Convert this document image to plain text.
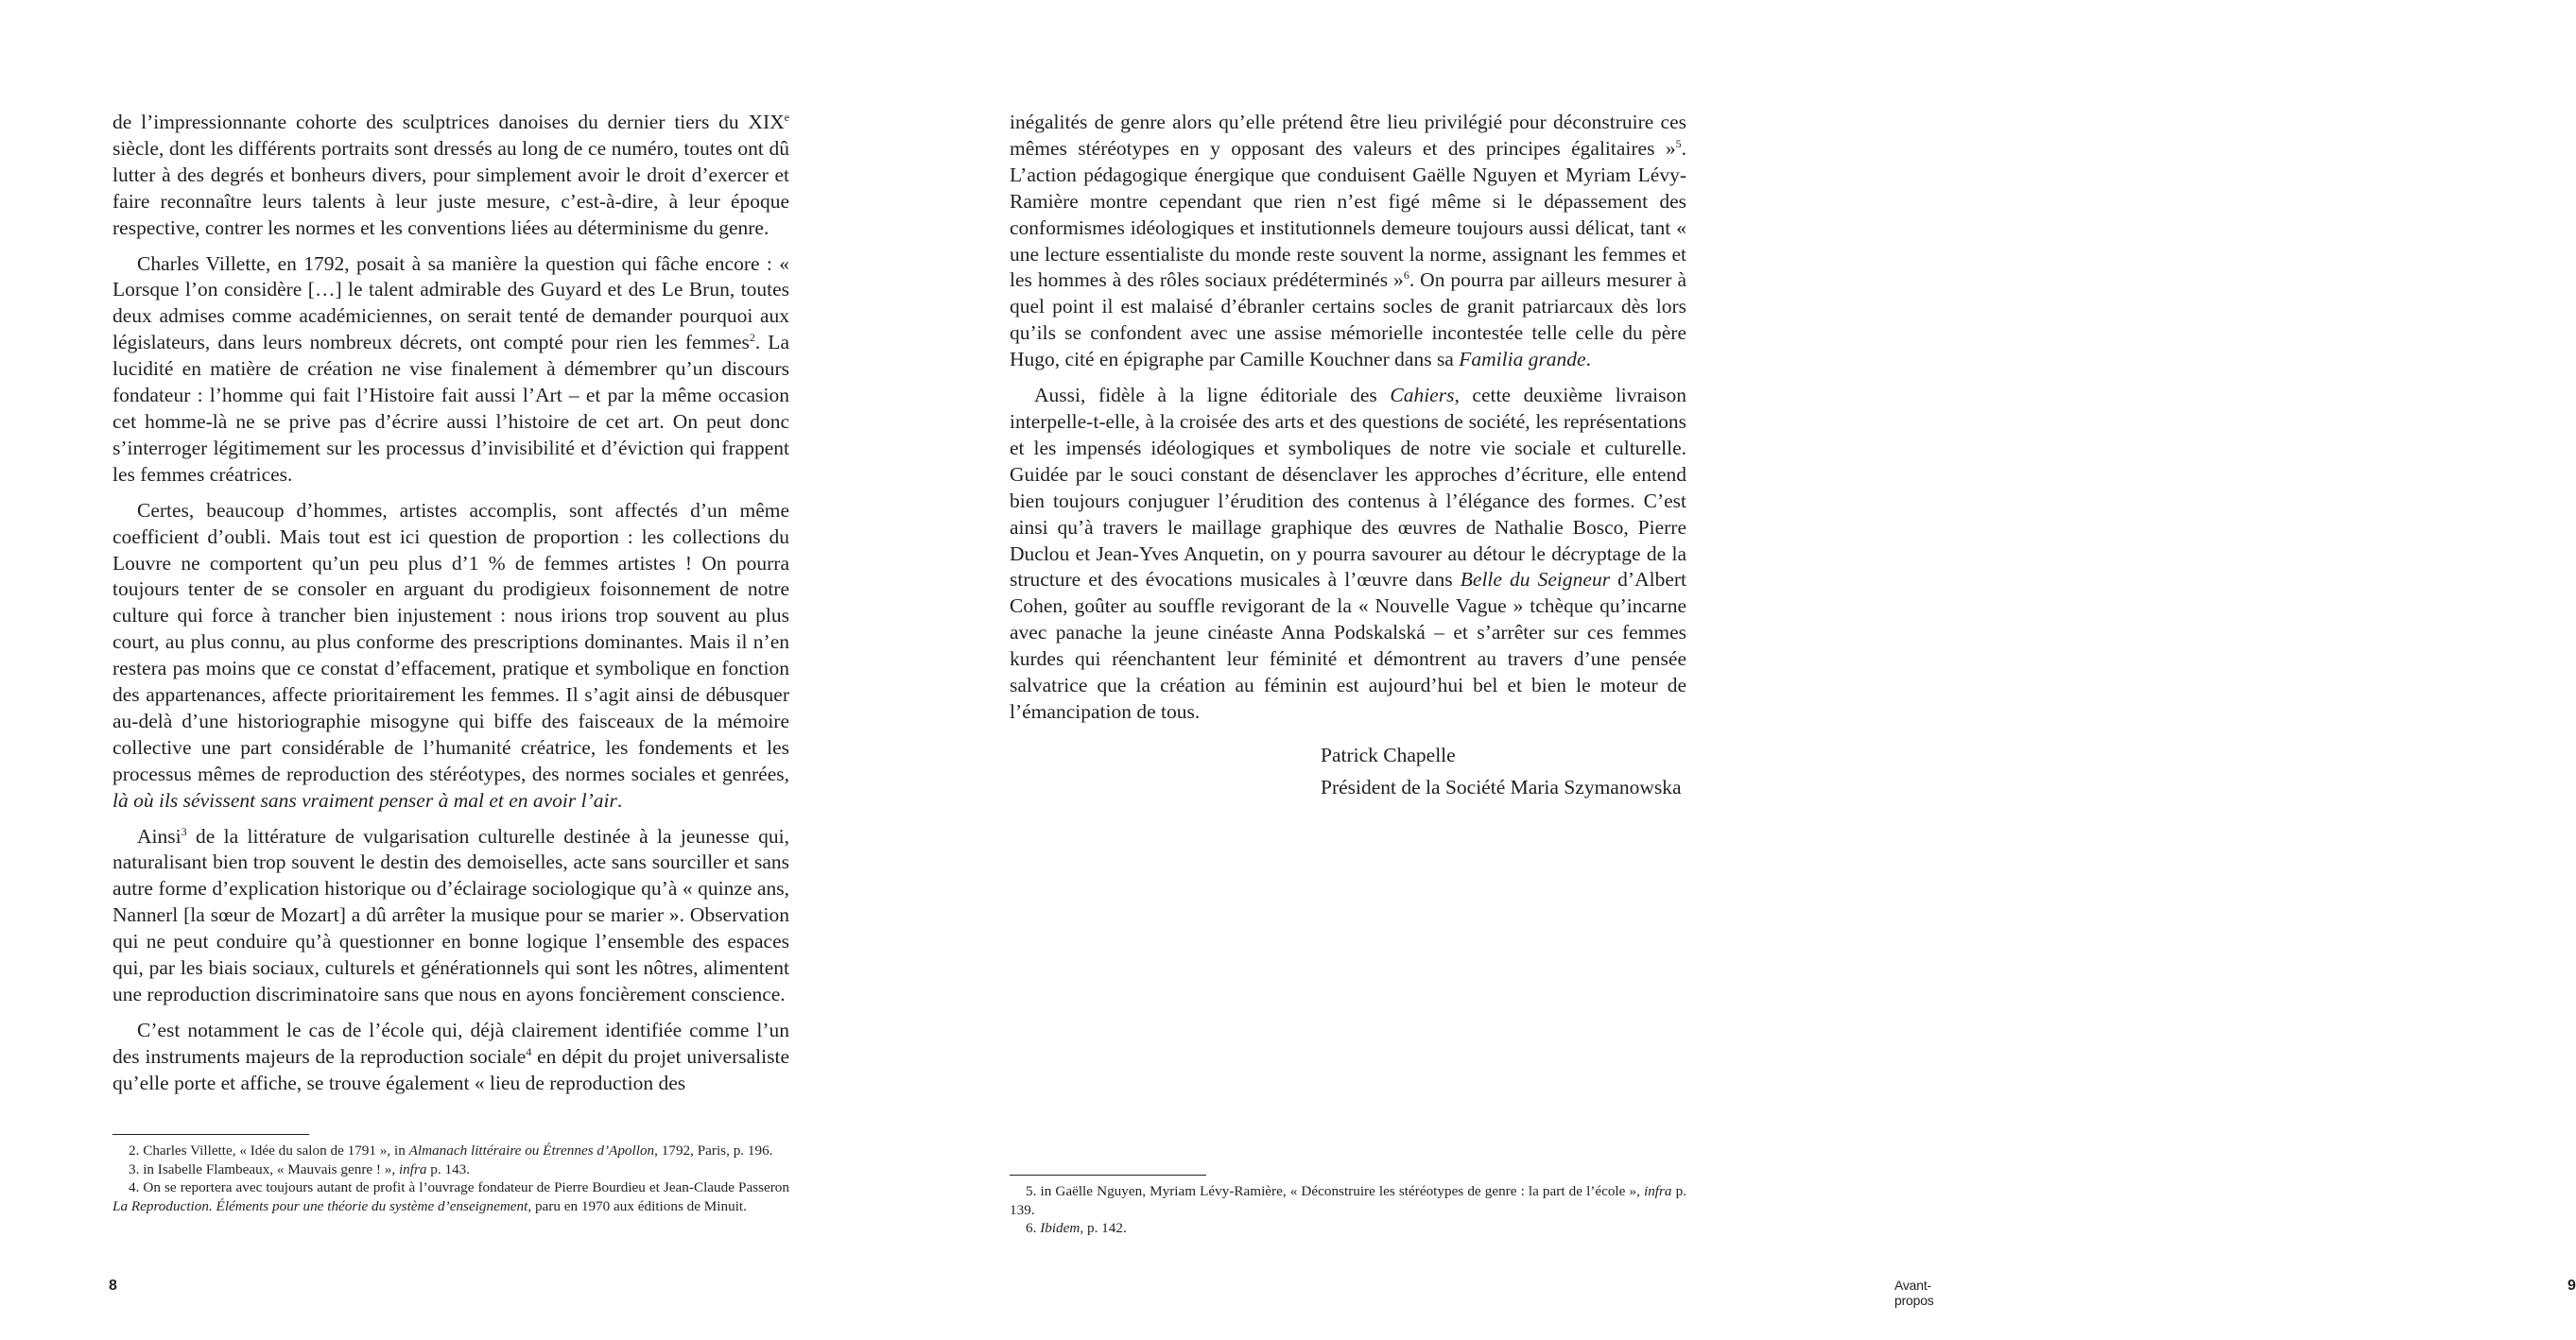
de l’impressionnante cohorte des sculptrices danoises du dernier tiers du XIXe siècle, dont les différents portraits sont dressés au long de ce numéro, toutes ont dû lutter à des degrés et bonheurs divers, pour simplement avoir le droit d’exercer et faire reconnaître leurs talents à leur juste mesure, c’est-à-dire, à leur époque respective, contrer les normes et les conventions liées au déterminisme du genre.

Charles Villette, en 1792, posait à sa manière la question qui fâche encore : « Lorsque l’on considère […] le talent admirable des Guyard et des Le Brun, toutes deux admises comme académiciennes, on serait tenté de demander pourquoi aux législateurs, dans leurs nombreux décrets, ont compté pour rien les femmes$^2$. La lucidité en matière de création ne vise finalement à démembrer qu’un discours fondateur : l’homme qui fait l’Histoire fait aussi l’Art – et par la même occasion cet homme-là ne se prive pas d’écrire aussi l’histoire de cet art. On peut donc s’interroger légitimement sur les processus d’invisibilité et d’éviction qui frappent les femmes créatrices.

Certes, beaucoup d’hommes, artistes accomplis, sont affectés d’un même coefficient d’oubli. Mais tout est ici question de proportion : les collections du Louvre ne comportent qu’un peu plus d’1 % de femmes artistes ! On pourra toujours tenter de se consoler en arguant du prodigieux foisonnement de notre culture qui force à trancher bien injustement : nous irions trop souvent au plus court, au plus connu, au plus conforme des prescriptions dominantes. Mais il n’en restera pas moins que ce constat d’effacement, pratique et symbolique en fonction des appartenances, affecte prioritairement les femmes. Il s’agit ainsi de débusquer au-delà d’une historiographie misogyne qui biffe des faisceaux de la mémoire collective une part considérable de l’humanité créatrice, les fondements et les processus mêmes de reproduction des stéréotypes, des normes sociales et genrées, là où ils sévissent sans vraiment penser à mal et en avoir l’air.

Ainsi$^3$ de la littérature de vulgarisation culturelle destinée à la jeunesse qui, naturalisant bien trop souvent le destin des demoiselles, acte sans sourciller et sans autre forme d’explication historique ou d’éclairage sociologique qu’à « quinze ans, Nannerl [la sœur de Mozart] a dû arrêter la musique pour se marier ». Observation qui ne peut conduire qu’à questionner en bonne logique l’ensemble des espaces qui, par les biais sociaux, culturels et générationnels qui sont les nôtres, alimentent une reproduction discriminatoire sans que nous en ayons foncièrement conscience.

C’est notamment le cas de l’école qui, déjà clairement identifiée comme l’un des instruments majeurs de la reproduction sociale$^4$ en dépit du projet universaliste qu’elle porte et affiche, se trouve également « lieu de reproduction des

2. Charles Villette, « Idée du salon de 1791 », in Almanach littéraire ou Étrennes d’Apollon, 1792, Paris, p. 196.

3. in Isabelle Flambeaux, « Mauvais genre ! », infra p. 143.

4. On se reportera avec toujours autant de profit à l’ouvrage fondateur de Pierre Bourdieu et Jean-Claude Passeron La Reproduction. Éléments pour une théorie du système d’enseignement, paru en 1970 aux éditions de Minuit.

8

inégalités de genre alors qu’elle prétend être lieu privilégié pour déconstruire ces mêmes stéréotypes en y opposant des valeurs et des principes égalitaires »$^5$. L’action pédagogique énergique que conduisent Gaëlle Nguyen et Myriam Lévy-Ramière montre cependant que rien n’est figé même si le dépassement des conformismes idéologiques et institutionnels demeure toujours aussi délicat, tant « une lecture essentialiste du monde reste souvent la norme, assignant les femmes et les hommes à des rôles sociaux prédéterminés »$^6$. On pourra par ailleurs mesurer à quel point il est malaisé d’ébranler certains socles de granit patriarcaux dès lors qu’ils se confondent avec une assise mémorielle incontestée telle celle du père Hugo, cité en épigraphe par Camille Kouchner dans sa Familia grande.

Aussi, fidèle à la ligne éditoriale des Cahiers, cette deuxième livraison interpelle-t-elle, à la croisée des arts et des questions de société, les représentations et les impensés idéologiques et symboliques de notre vie sociale et culturelle. Guidée par le souci constant de désenclaver les approches d’écriture, elle entend bien toujours conjuguer l’érudition des contenus à l’élégance des formes. C’est ainsi qu’à travers le maillage graphique des œuvres de Nathalie Bosco, Pierre Duclou et Jean-Yves Anquetin, on y pourra savourer au détour le décryptage de la structure et des évocations musicales à l’œuvre dans Belle du Seigneur d’Albert Cohen, goûter au souffle revigorant de la « Nouvelle Vague » tchèque qu’incarne avec panache la jeune cinéaste Anna Podskalská – et s’arrêter sur ces femmes kurdes qui réenchantent leur féminité et démontrent au travers d’une pensée salvatrice que la création au féminin est aujourd’hui bel et bien le moteur de l’émancipation de tous.

Patrick Chapelle
Président de la Société Maria Szymanowska

5. in Gaëlle Nguyen, Myriam Lévy-Ramière, « Déconstruire les stéréotypes de genre : la part de l’école », infra p. 139.

6. Ibidem, p. 142.

Avant-propos
9
